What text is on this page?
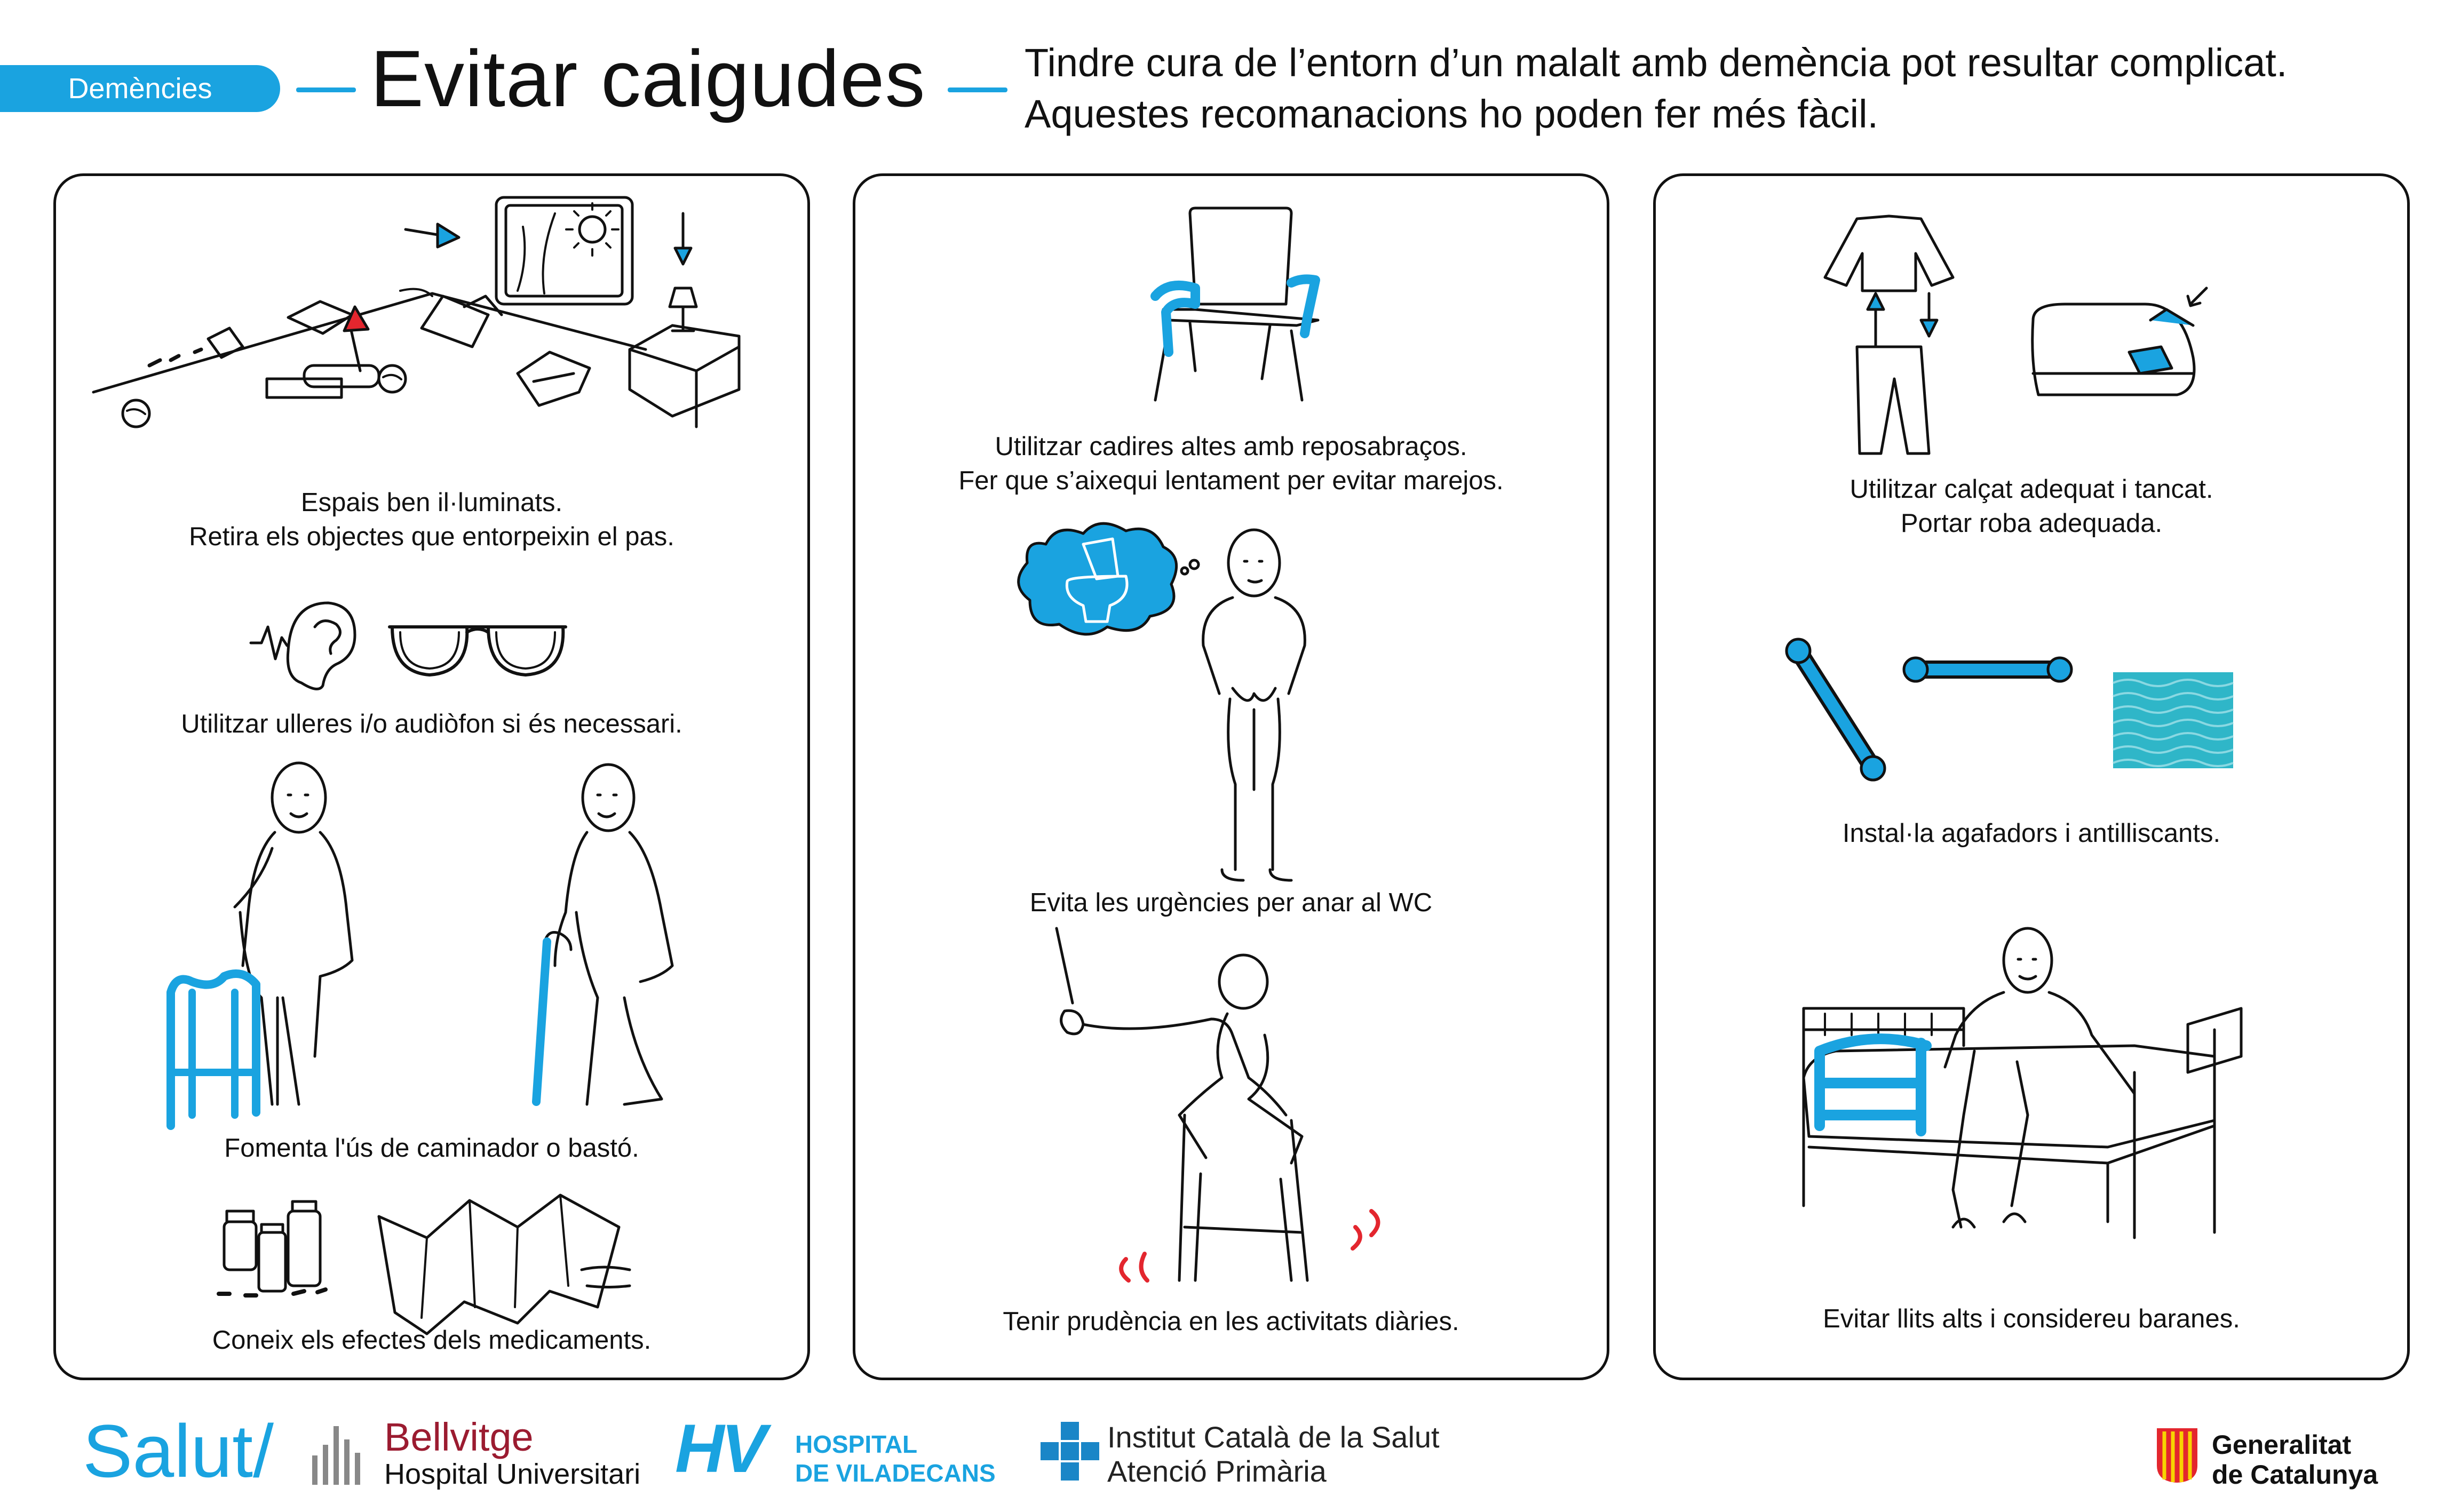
Demències Evitar caigudes	Tindre cura de l’entorn d’un malalt amb demència pot resultar complicat.
Aquestes recomanacions ho poden fer més fàcil.
Espais ben il·luminats.
Retira els objectes que entorpeixin el pas.
Utilitzar ulleres i/o audiòfon si és necessari.
Fomenta l'ús de caminador o bastó.
Coneix els efectes dels medicaments.
Utilitzar cadires altes amb reposabraços.
Fer que s’aixequi lentament per evitar marejos.
Evita les urgències per anar al WC
Tenir prudència en les activitats diàries.
Utilitzar calçat adequat i tancat.
Portar roba adequada.
Instal·la agafadors i antilliscants.
Evitar llits alts i considereu baranes.
Salut/	Bellvitge
Hospital Universitari HV HOSPITAL
DE VILADECANS
Institut Català de la Salut
Atenció Primària
Generalitat
de Catalunya
